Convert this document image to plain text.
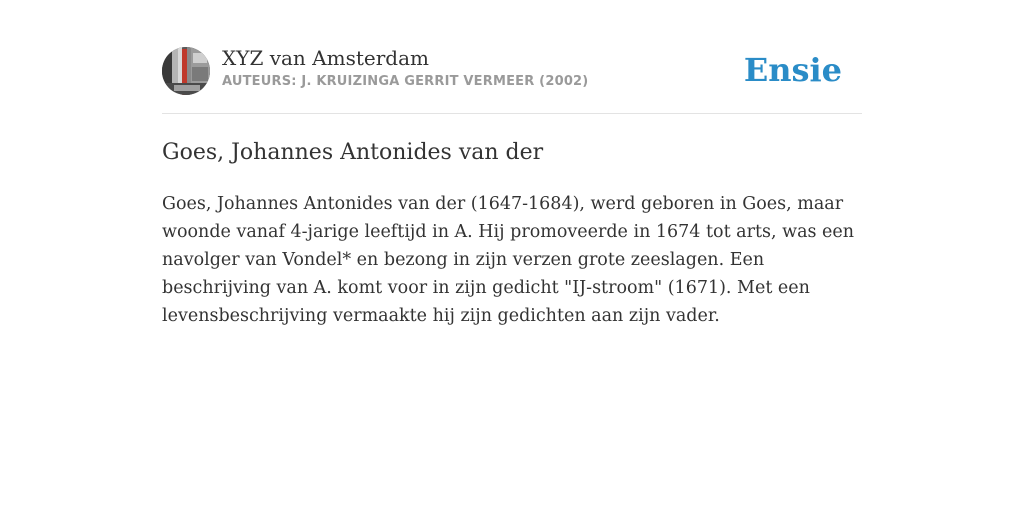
XYZ van Amsterdam
AUTEURS: J. KRUIZINGA GERRIT VERMEER (2002)	Ensie
Goes, Johannes Antonides van der

Goes, Johannes Antonides van der (1647-1684), werd geboren in Goes, maar woonde vanaf 4-jarige leeftijd in A. Hij promoveerde in 1674 tot arts, was een navolger van Vondel* en bezong in zijn verzen grote zeeslagen. Een beschrijving van A. komt voor in zijn gedicht "IJ-stroom" (1671). Met een levensbeschrijving vermaakte hij zijn gedichten aan zijn vader.
